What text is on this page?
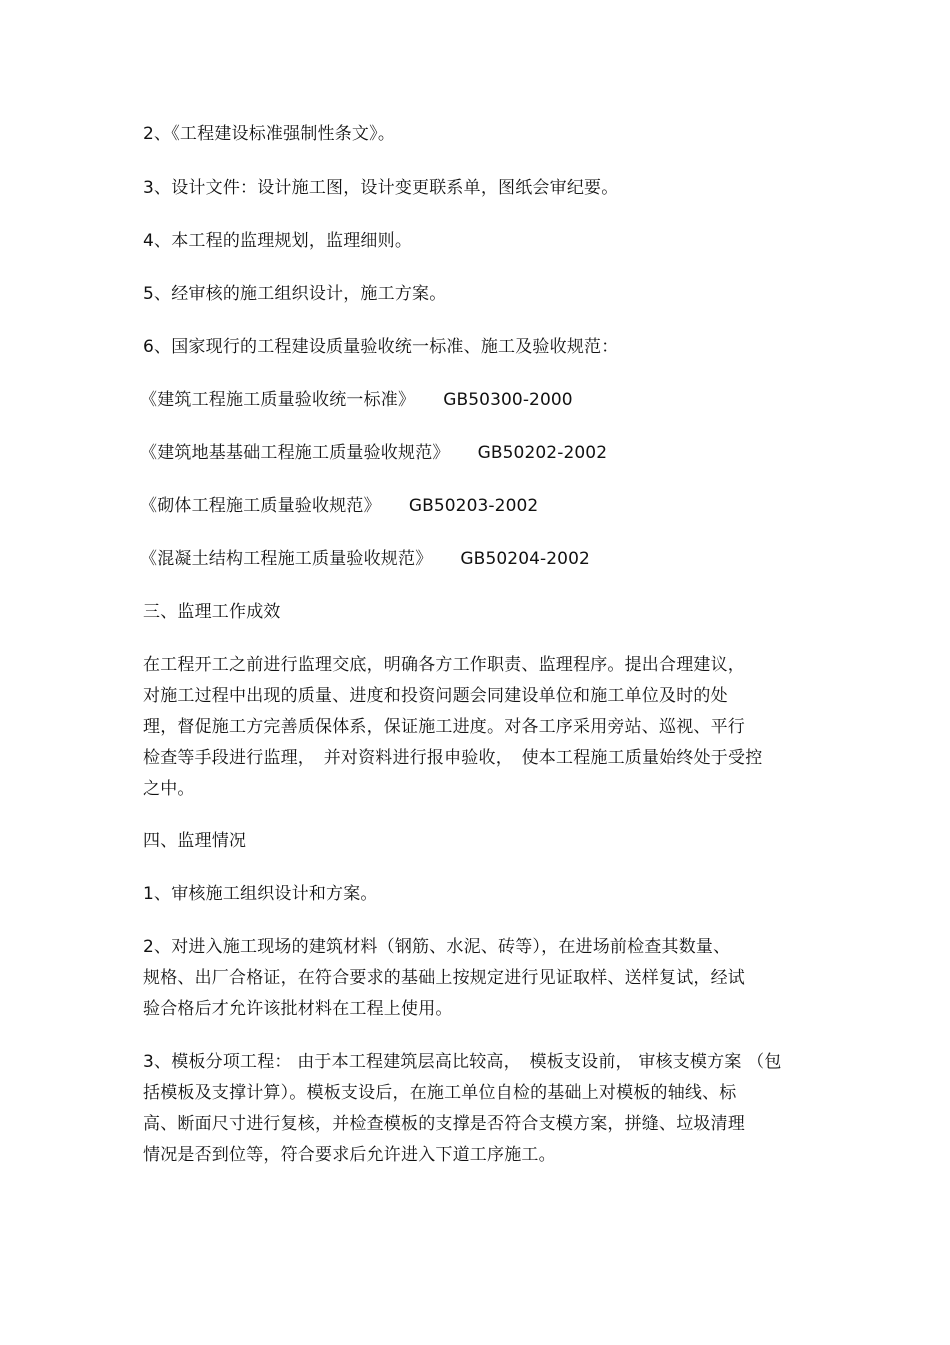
2、《工程建设标准强制性条文》。
3、设计文件：设计施工图，设计变更联系单，图纸会审纪要。
4、本工程的监理规划，监理细则。
5、经审核的施工组织设计，施工方案。
6、国家现行的工程建设质量验收统一标准、施工及验收规范：
《建筑工程施工质量验收统一标准》 GB50300-2000
《建筑地基基础工程施工质量验收规范》 GB50202-2002
《砌体工程施工质量验收规范》 GB50203-2002
《混凝土结构工程施工质量验收规范》 GB50204-2002
三、监理工作成效
在工程开工之前进行监理交底，明确各方工作职责、监理程序。提出合理建议，
对施工过程中出现的质量、进度和投资问题会同建设单位和施工单位及时的处
理，督促施工方完善质保体系，保证施工进度。对各工序采用旁站、巡视、平行
检查等手段进行监理，　并对资料进行报申验收，　使本工程施工质量始终处于受控
之中。
四、监理情况
1、审核施工组织设计和方案。
2、对进入施工现场的建筑材料（钢筋、水泥、砖等），在进场前检查其数量、
规格、出厂合格证，在符合要求的基础上按规定进行见证取样、送样复试，经试
验合格后才允许该批材料在工程上使用。
3、模板分项工程： 由于本工程建筑层高比较高，　模板支设前， 审核支模方案 （包
括模板及支撑计算）。模板支设后，在施工单位自检的基础上对模板的轴线、标
高、断面尺寸进行复核，并检查模板的支撑是否符合支模方案，拼缝、垃圾清理
情况是否到位等，符合要求后允许进入下道工序施工。
